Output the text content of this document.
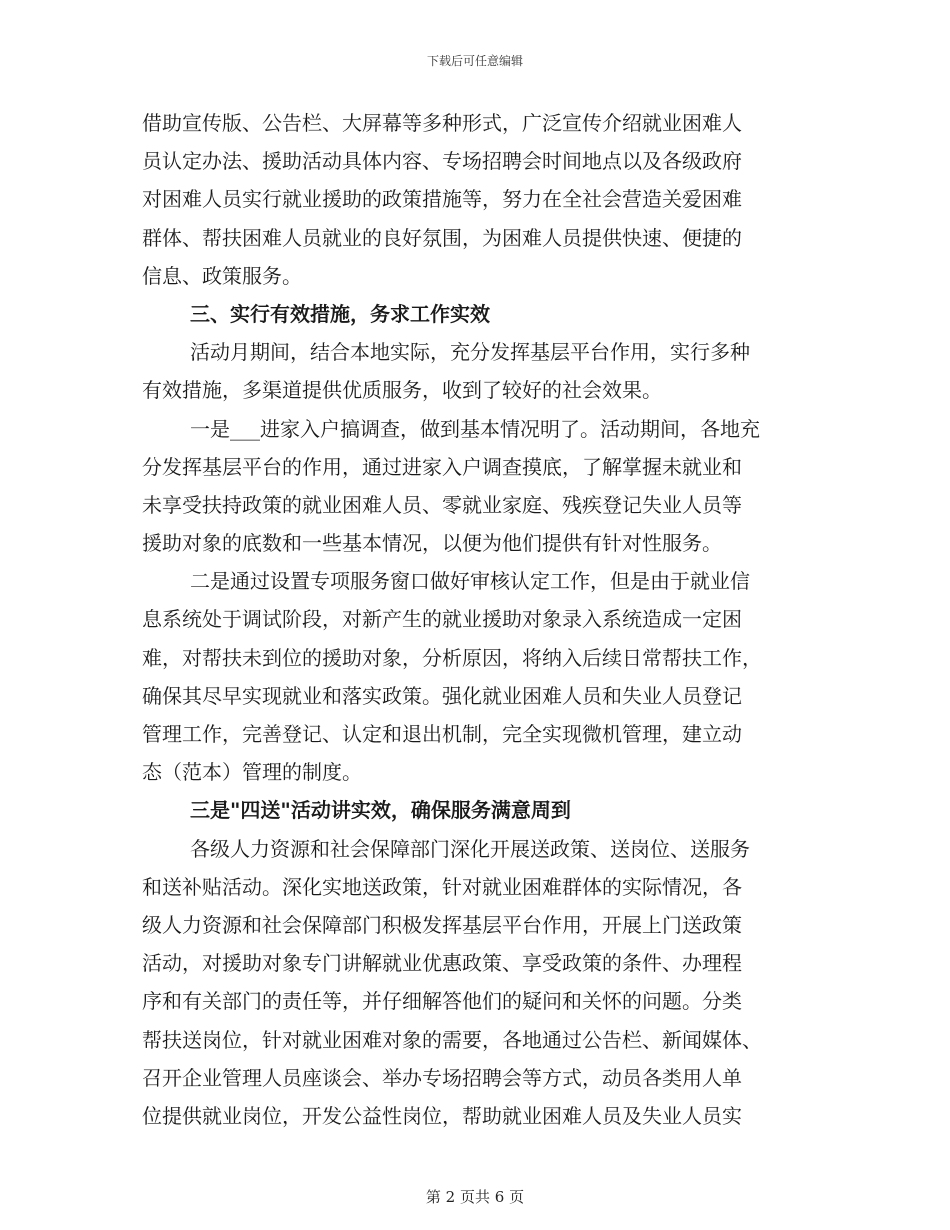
下载后可任意编辑
借助宣传版、公告栏、大屏幕等多种形式，广泛宣传介绍就业困难人
员认定办法、援助活动具体内容、专场招聘会时间地点以及各级政府
对困难人员实行就业援助的政策措施等，努力在全社会营造关爱困难
群体、帮扶困难人员就业的良好氛围，为困难人员提供快速、便捷的
信息、政策服务。
三、实行有效措施，务求工作实效
活动月期间，结合本地实际，充分发挥基层平台作用，实行多种
有效措施，多渠道提供优质服务，收到了较好的社会效果。
一是___进家入户搞调查，做到基本情况明了。活动期间，各地充
分发挥基层平台的作用，通过进家入户调查摸底，了解掌握未就业和
未享受扶持政策的就业困难人员、零就业家庭、残疾登记失业人员等
援助对象的底数和一些基本情况，以便为他们提供有针对性服务。
二是通过设置专项服务窗口做好审核认定工作，但是由于就业信
息系统处于调试阶段，对新产生的就业援助对象录入系统造成一定困
难，对帮扶未到位的援助对象，分析原因，将纳入后续日常帮扶工作，
确保其尽早实现就业和落实政策。强化就业困难人员和失业人员登记
管理工作，完善登记、认定和退出机制，完全实现微机管理，建立动
态（范本）管理的制度。
三是"四送"活动讲实效，确保服务满意周到
各级人力资源和社会保障部门深化开展送政策、送岗位、送服务
和送补贴活动。深化实地送政策，针对就业困难群体的实际情况，各
级人力资源和社会保障部门积极发挥基层平台作用，开展上门送政策
活动，对援助对象专门讲解就业优惠政策、享受政策的条件、办理程
序和有关部门的责任等，并仔细解答他们的疑问和关怀的问题。分类
帮扶送岗位，针对就业困难对象的需要，各地通过公告栏、新闻媒体、
召开企业管理人员座谈会、举办专场招聘会等方式，动员各类用人单
位提供就业岗位，开发公益性岗位，帮助就业困难人员及失业人员实
第 2 页共 6 页
